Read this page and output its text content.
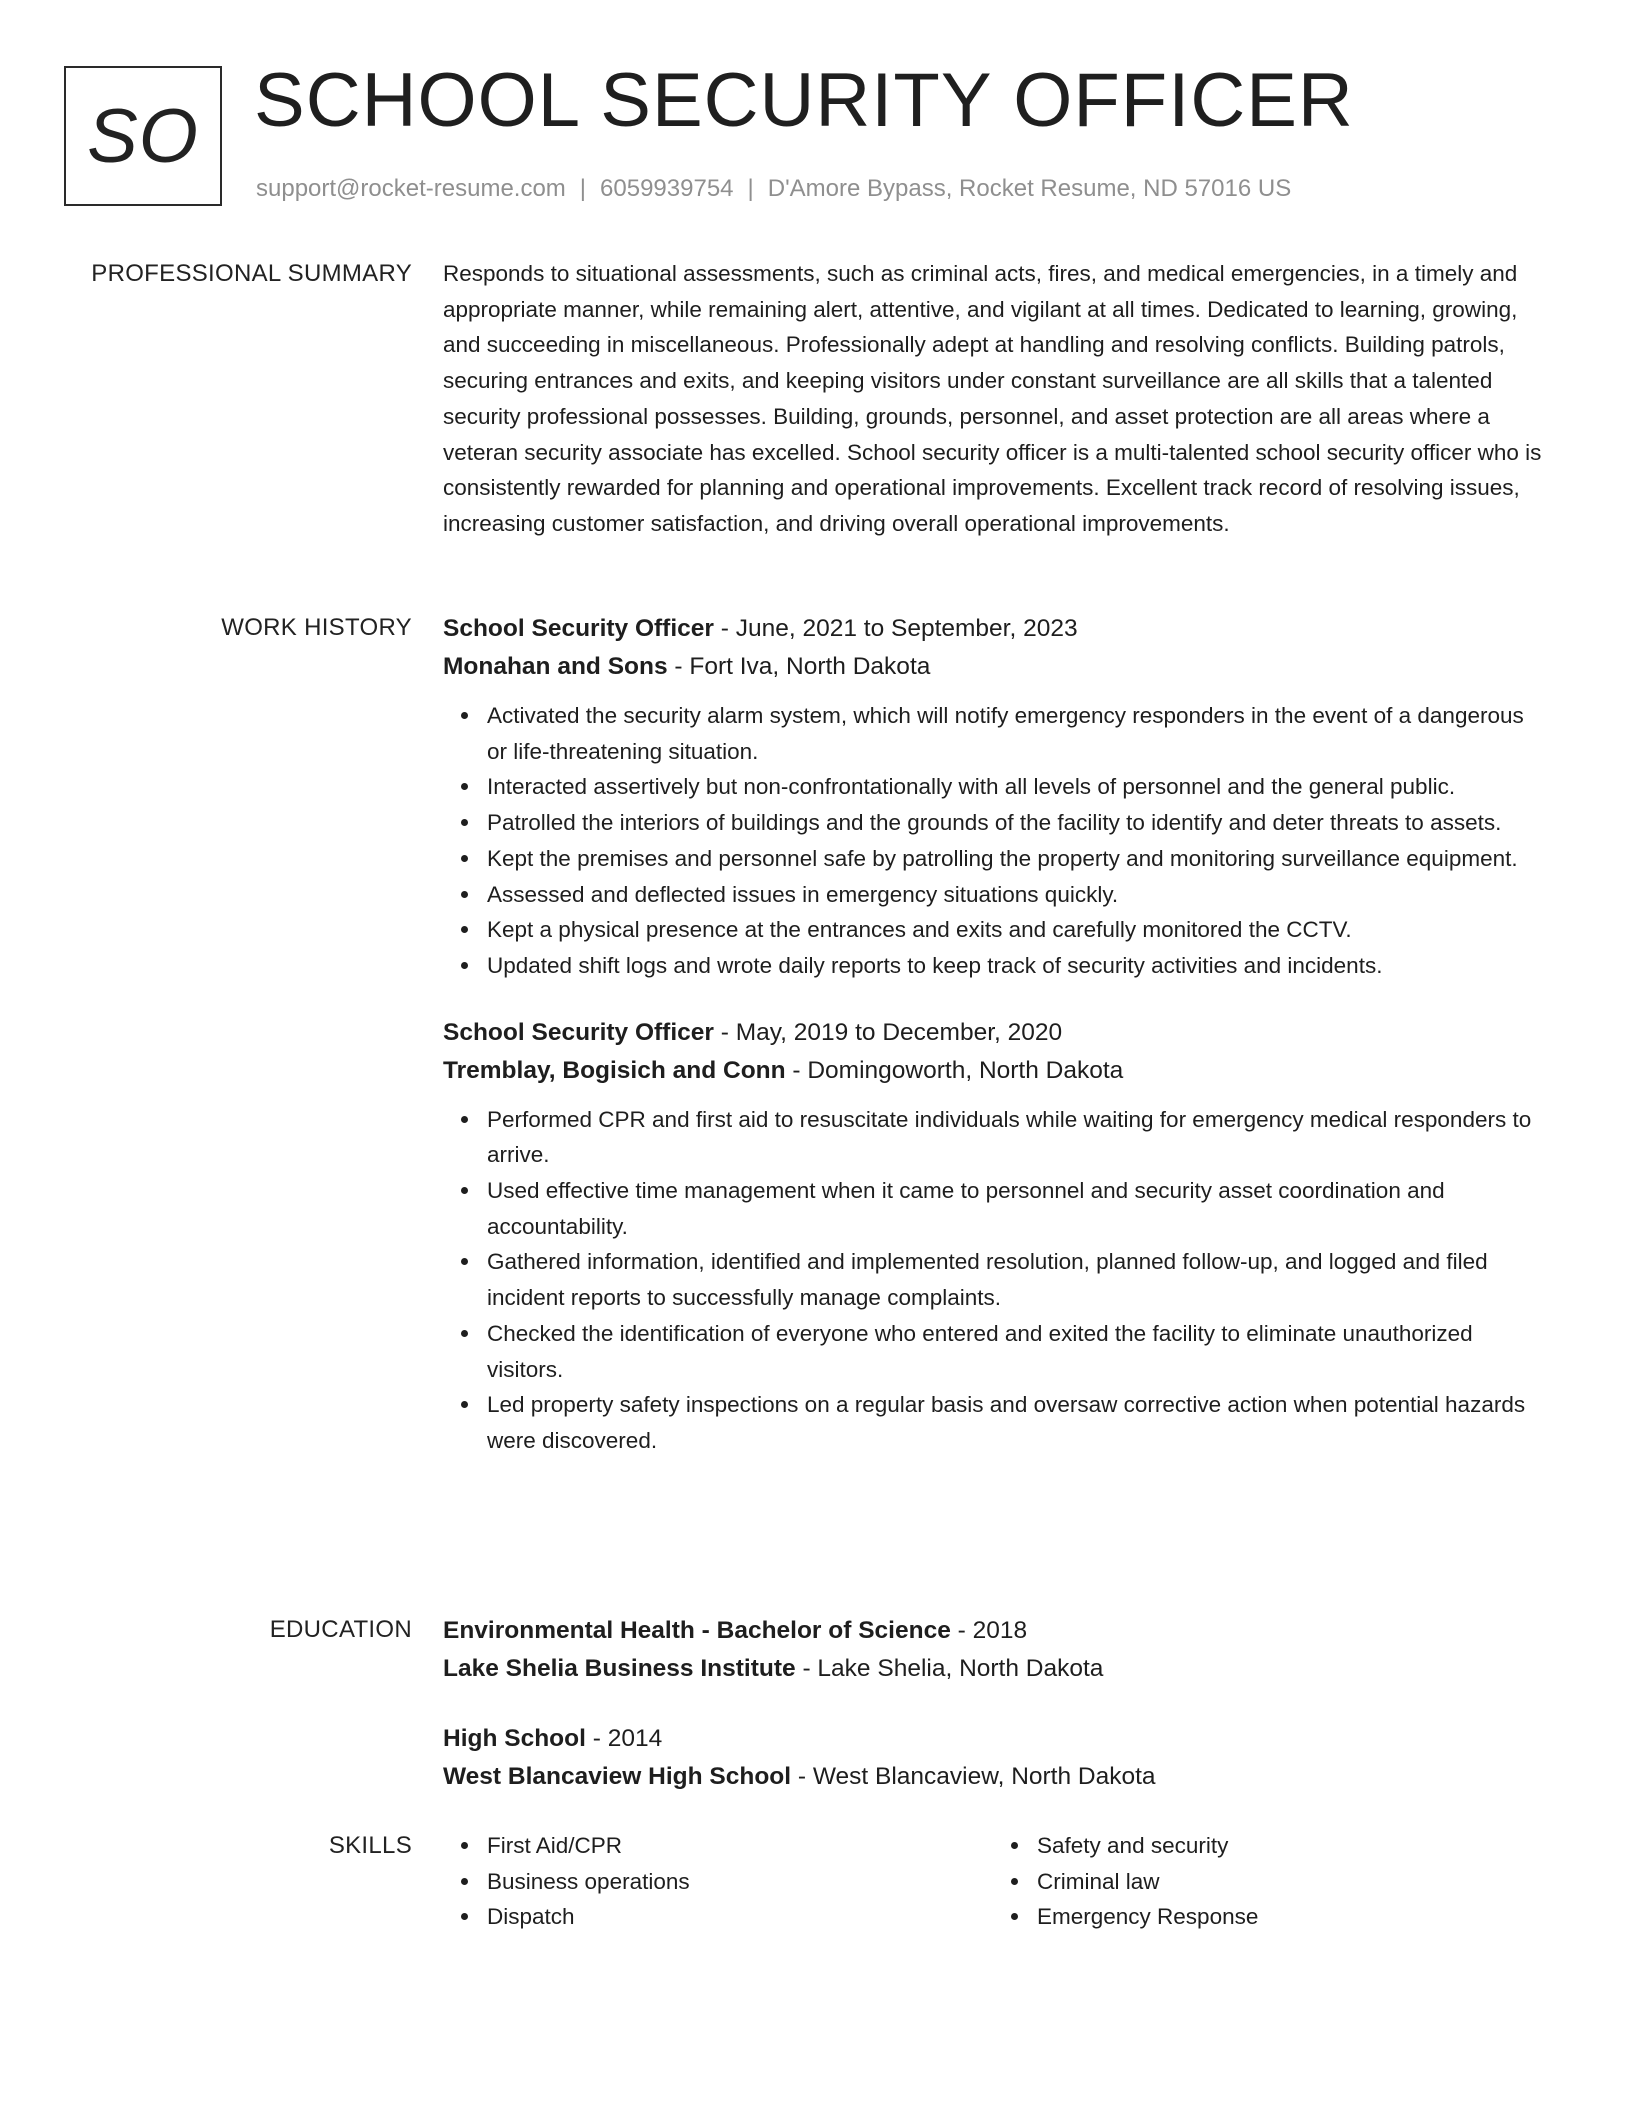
SO SCHOOL SECURITY OFFICER
support@rocket-resume.com | 6059939754 | D'Amore Bypass, Rocket Resume, ND 57016 US
PROFESSIONAL SUMMARY Responds to situational assessments, such as criminal acts, fires, and medical emergencies, in a timely and appropriate manner, while remaining alert, attentive, and vigilant at all times. Dedicated to learning, growing, and succeeding in miscellaneous. Professionally adept at handling and resolving conflicts. Building patrols, securing entrances and exits, and keeping visitors under constant surveillance are all skills that a talented security professional possesses. Building, grounds, personnel, and asset protection are all areas where a veteran security associate has excelled. School security officer is a multi-talented school security officer who is consistently rewarded for planning and operational improvements. Excellent track record of resolving issues, increasing customer satisfaction, and driving overall operational improvements.

WORK HISTORY School Security Officer - June, 2021 to September, 2023
Monahan and Sons - Fort Iva, North Dakota
Activated the security alarm system, which will notify emergency responders in the event of a dangerous or life-threatening situation.
Interacted assertively but non-confrontationally with all levels of personnel and the general public.
Patrolled the interiors of buildings and the grounds of the facility to identify and deter threats to assets.
Kept the premises and personnel safe by patrolling the property and monitoring surveillance equipment.
Assessed and deflected issues in emergency situations quickly.
Kept a physical presence at the entrances and exits and carefully monitored the CCTV.
Updated shift logs and wrote daily reports to keep track of security activities and incidents.
School Security Officer - May, 2019 to December, 2020
Tremblay, Bogisich and Conn - Domingoworth, North Dakota
Performed CPR and first aid to resuscitate individuals while waiting for emergency medical responders to arrive.
Used effective time management when it came to personnel and security asset coordination and accountability.
Gathered information, identified and implemented resolution, planned follow-up, and logged and filed incident reports to successfully manage complaints.
Checked the identification of everyone who entered and exited the facility to eliminate unauthorized visitors.
Led property safety inspections on a regular basis and oversaw corrective action when potential hazards were discovered.
EDUCATION Environmental Health - Bachelor of Science - 2018
Lake Shelia Business Institute - Lake Shelia, North Dakota
High School - 2014
West Blancaview High School - West Blancaview, North Dakota
SKILLS	First Aid/CPR
Business operations
Dispatch
Safety and security
Criminal law
Emergency Response
